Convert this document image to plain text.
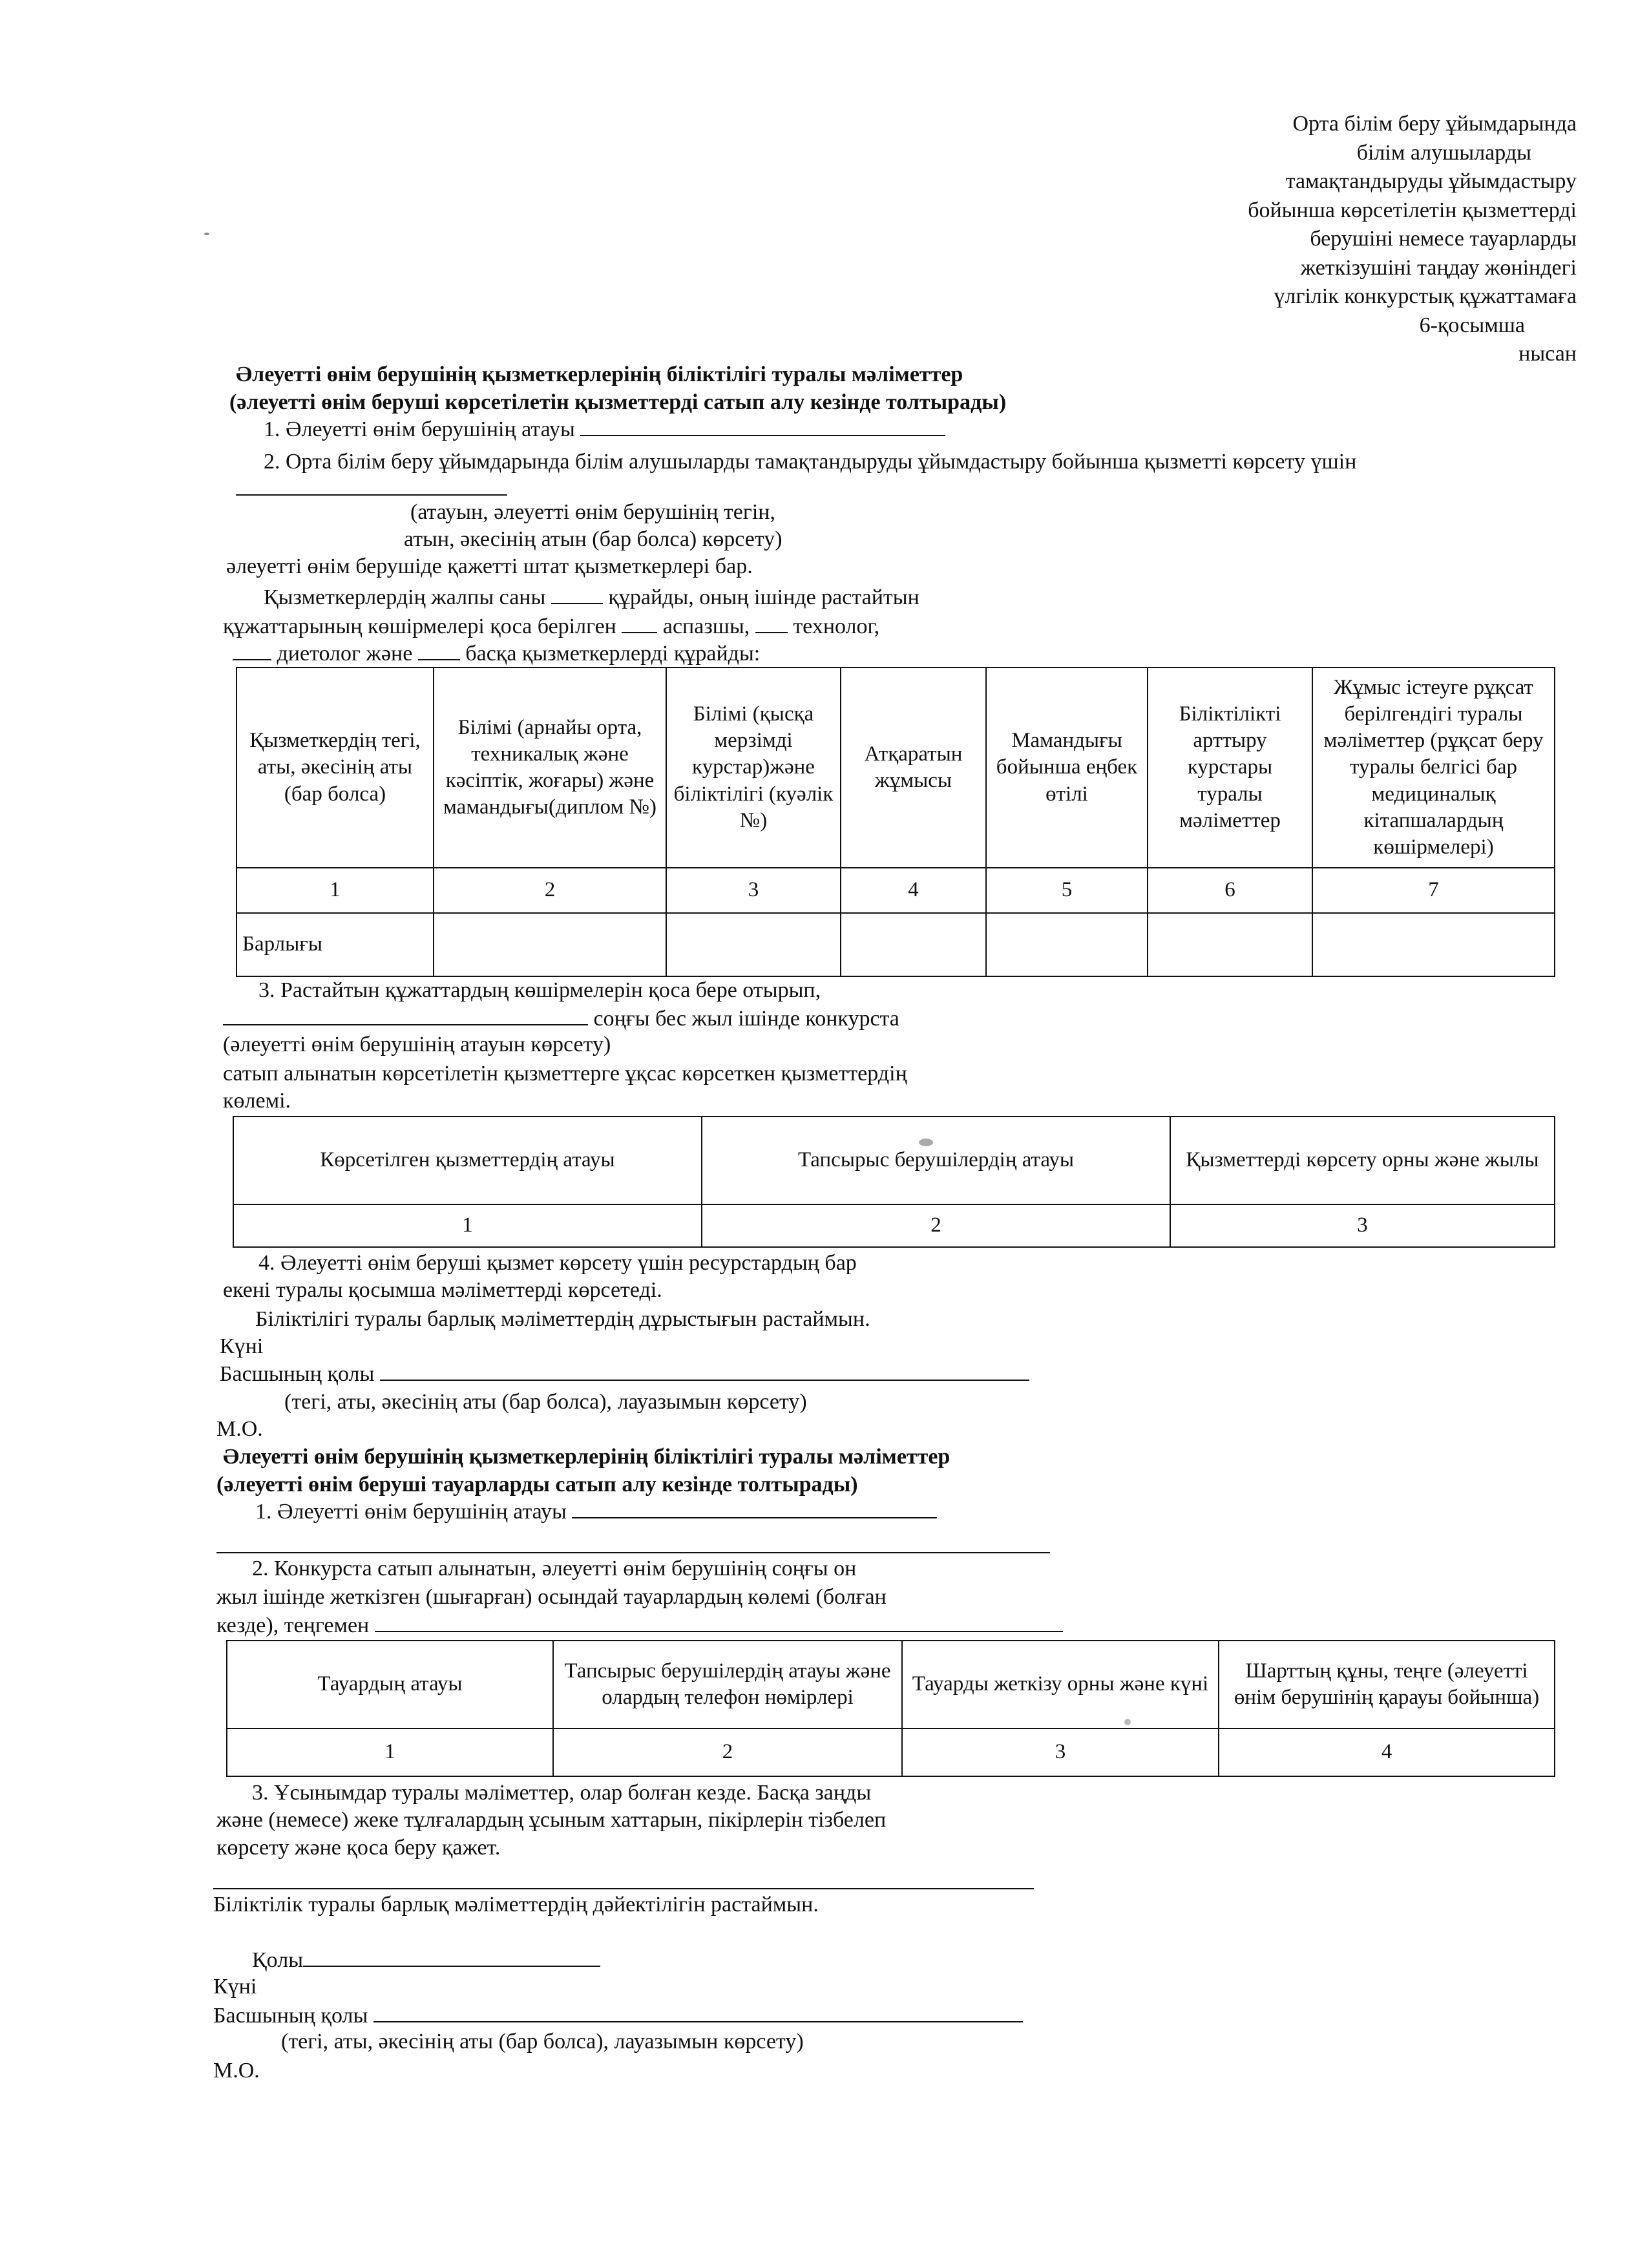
Орта білім беру ұйымдарында
білім алушыларды
тамақтандыруды ұйымдастыру
бойынша көрсетілетін қызметтерді
берушіні немесе тауарларды
жеткізушіні таңдау жөніндегі
үлгілік конкурстық құжаттамаға
6-қосымша
нысан
Әлеуетті өнім берушінің қызметкерлерінің біліктілігі туралы мәліметтер
(әлеуетті өнім беруші көрсетілетін қызметтерді сатып алу кезінде толтырады)
1. Әлеуетті өнім берушінің атауы
2. Орта білім беру ұйымдарында білім алушыларды тамақтандыруды ұйымдастыру бойынша қызметті көрсету үшін
(атауын, әлеуетті өнім берушінің тегін,
атын, әкесінің атын (бар болса) көрсету)
әлеуетті өнім берушіде қажетті штат қызметкерлері бар.
Қызметкерлердің жалпы саны	құрайды, оның ішінде растайтын
құжаттарының көшірмелері қоса берілген аспазшы, технолог,
диетолог және басқа қызметкерлерді құрайды:
Қызметкердің тегі, аты, әкесінің аты (бар болса)	Білімі (арнайы орта, техникалық және кәсіптік, жоғары) және мамандығы(диплом №)	Білімі (қысқа мерзімді курстар)және біліктілігі (куәлік №)	Атқаратын жұмысы	Мамандығы бойынша еңбек өтілі	Біліктілікті арттыру курстары туралы мәліметтер	Жұмыс істеуге рұқсат берілгендігі туралы мәліметтер (рұқсат беру туралы белгісі бар медициналық кітапшалардың көшірмелері)
1	2	3	4	5	6	7
Барлығы						
3. Растайтын құжаттардың көшірмелерін қоса бере отырып,
соңғы бес жыл ішінде конкурста
(әлеуетті өнім берушінің атауын көрсету)
сатып алынатын көрсетілетін қызметтерге ұқсас көрсеткен қызметтердің
көлемі.
Көрсетілген қызметтердің атауы	Тапсырыс берушілердің атауы	Қызметтерді көрсету орны және жылы
1	2	3
4. Әлеуетті өнім беруші қызмет көрсету үшін ресурстардың бар
екені туралы қосымша мәліметтерді көрсетеді.
Біліктілігі туралы барлық мәліметтердің дұрыстығын растаймын.
Күні
Басшының қолы
(тегі, аты, әкесінің аты (бар болса), лауазымын көрсету)
М.О.
Әлеуетті өнім берушінің қызметкерлерінің біліктілігі туралы мәліметтер
(әлеуетті өнім беруші тауарларды сатып алу кезінде толтырады)
1. Әлеуетті өнім берушінің атауы
2. Конкурста сатып алынатын, әлеуетті өнім берушінің соңғы он
жыл ішінде жеткізген (шығарған) осындай тауарлардың көлемі (болған
кезде), теңгемен
Тауардың атауы	Тапсырыс берушілердің атауы және олардың телефон нөмірлері	Тауарды жеткізу орны және күні	Шарттың құны, теңге (әлеуетті өнім берушінің қарауы бойынша)
1	2	3	4
3. Ұсынымдар туралы мәліметтер, олар болған кезде. Басқа заңды
және (немесе) жеке тұлғалардың ұсыным хаттарын, пікірлерін тізбелеп
көрсету және қоса беру қажет.
Біліктілік туралы барлық мәліметтердің дәйектілігін растаймын.
Қолы
Күні
Басшының қолы
(тегі, аты, әкесінің аты (бар болса), лауазымын көрсету)
М.О.
